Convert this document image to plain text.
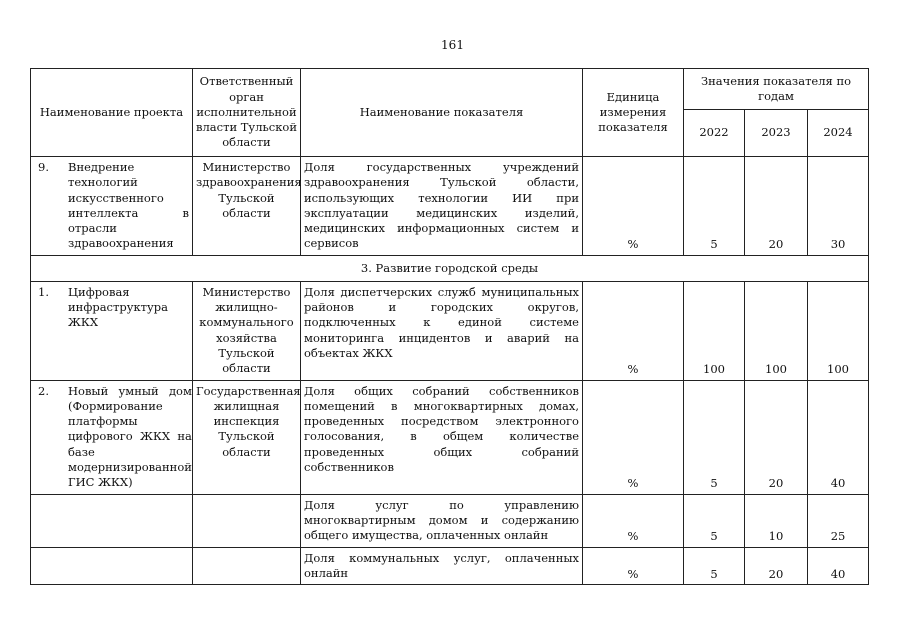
161
Наименование проекта	Ответственный орган исполнительной власти Тульской области	Наименование показателя	Единица измерения показателя	Значения показателя по годам		
				2022	2023	2024

9. Внедрение технологий искусственного интеллекта в отрасли здравоохранения	Министерство здравоохранения Тульской области	Доля государственных учреждений здравоохранения Тульской области, использующих технологии ИИ при эксплуатации медицинских изделий, медицинских информационных систем и сервисов	%	5	20	30
3. Развитие городской среды						

1. Цифровая инфраструктура ЖКХ	Министерство жилищно-коммунального хозяйства Тульской области	Доля диспетчерских служб муниципальных районов и городских округов, подключенных к единой системе мониторинга инцидентов и аварий на объектах ЖКХ	%	100	100	100

2. Новый умный дом (Формирование платформы цифрового ЖКХ на базе модернизированной ГИС ЖКХ)	Государственная жилищная инспекция Тульской области	Доля общих собраний собственников помещений в многоквартирных домах, проведенных посредством электронного голосования, в общем количестве проведенных общих собраний собственников	%	5	20	40
		Доля услуг по управлению многоквартирным домом и содержанию общего имущества, оплаченных онлайн	%	5	10	25
		Доля коммунальных услуг, оплаченных онлайн	%	5	20	40
